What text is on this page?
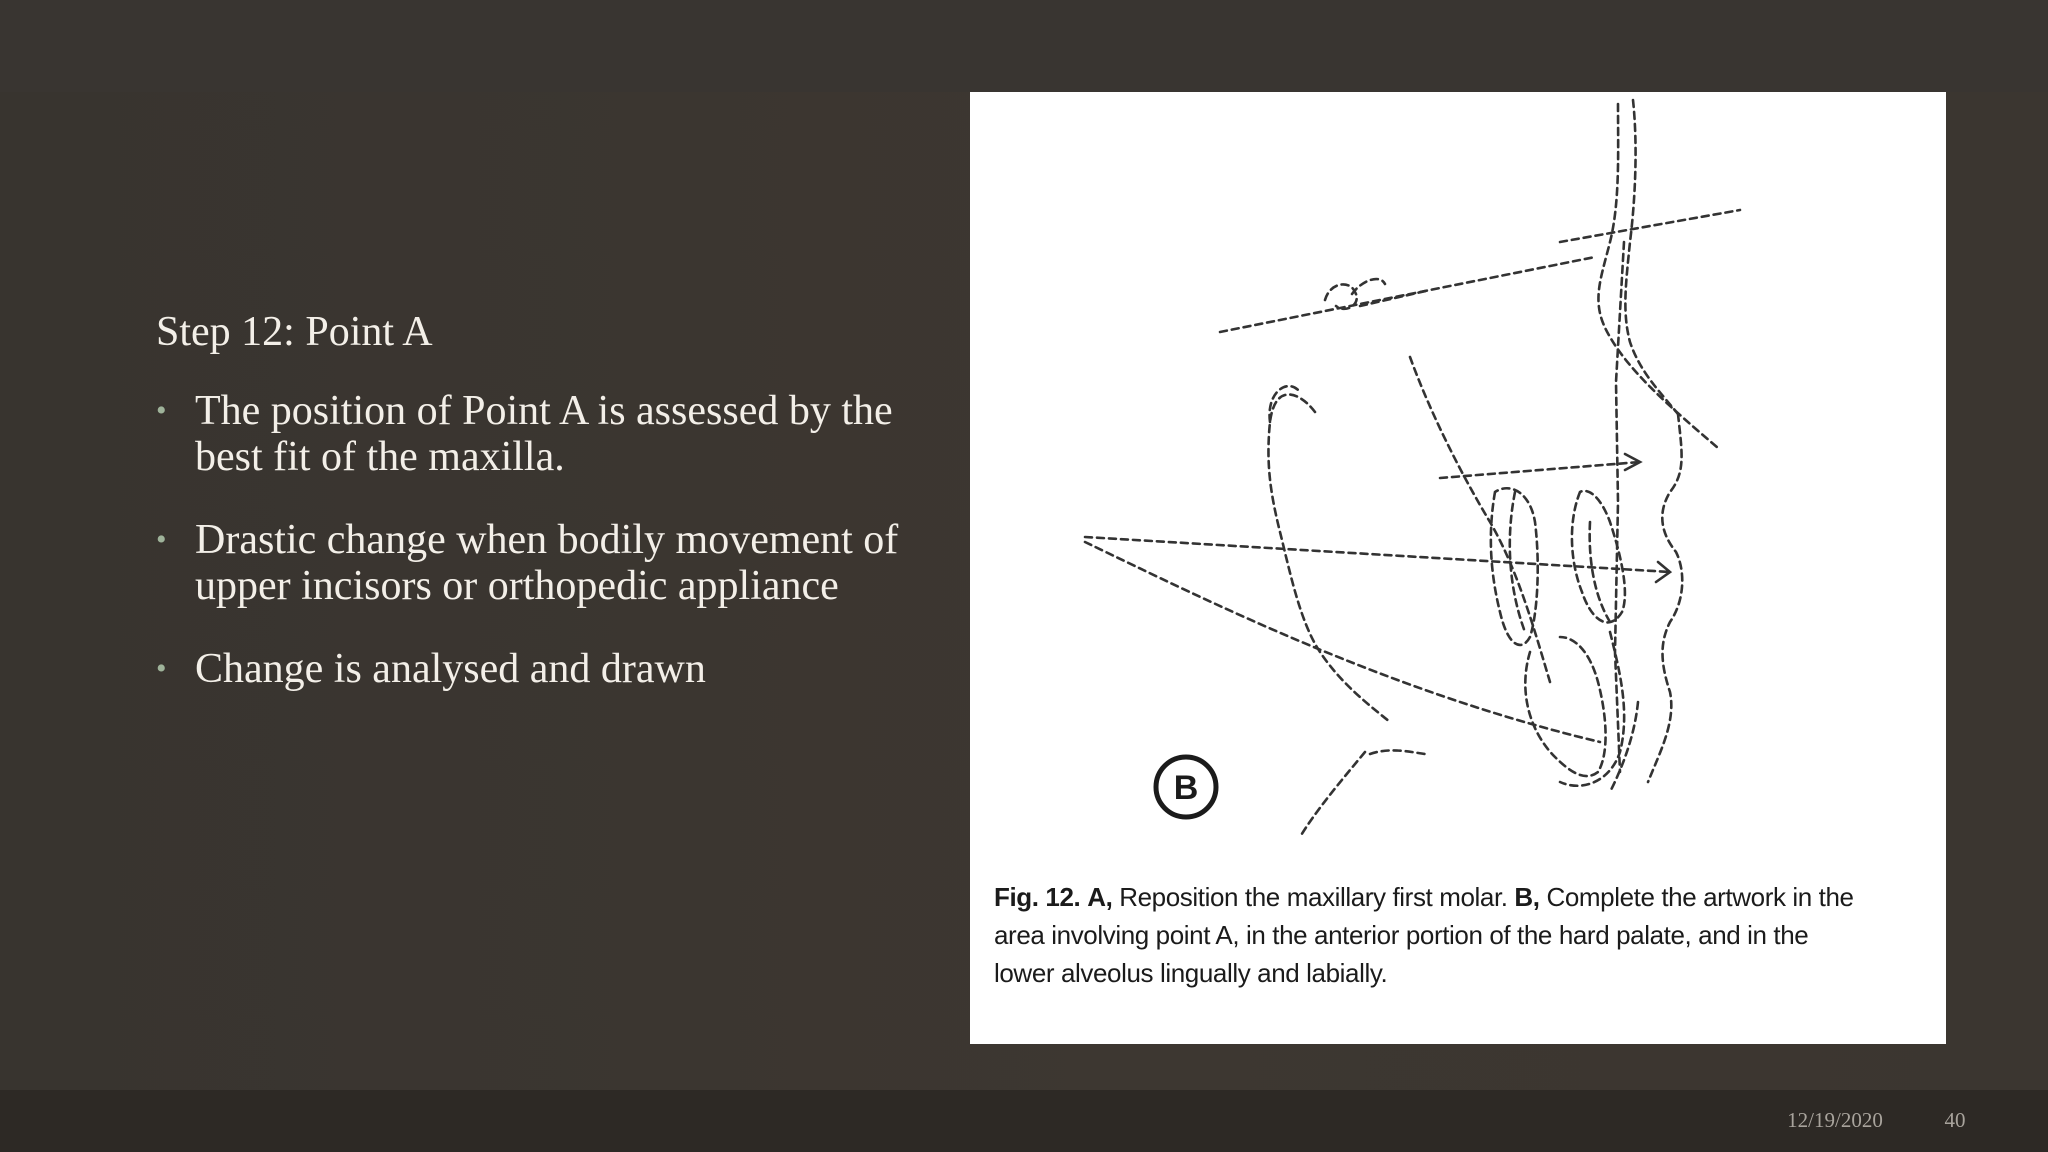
Step 12: Point A
• The position of Point A is assessed by the best fit of the maxilla.
• Drastic change when bodily movement of upper incisors or orthopedic appliance
• Change is analysed and drawn
B
Fig. 12. A, Reposition the maxillary first molar. B, Complete the artwork in the area involving point A, in the anterior portion of the hard palate, and in the lower alveolus lingually and labially.
12/19/2020	40
